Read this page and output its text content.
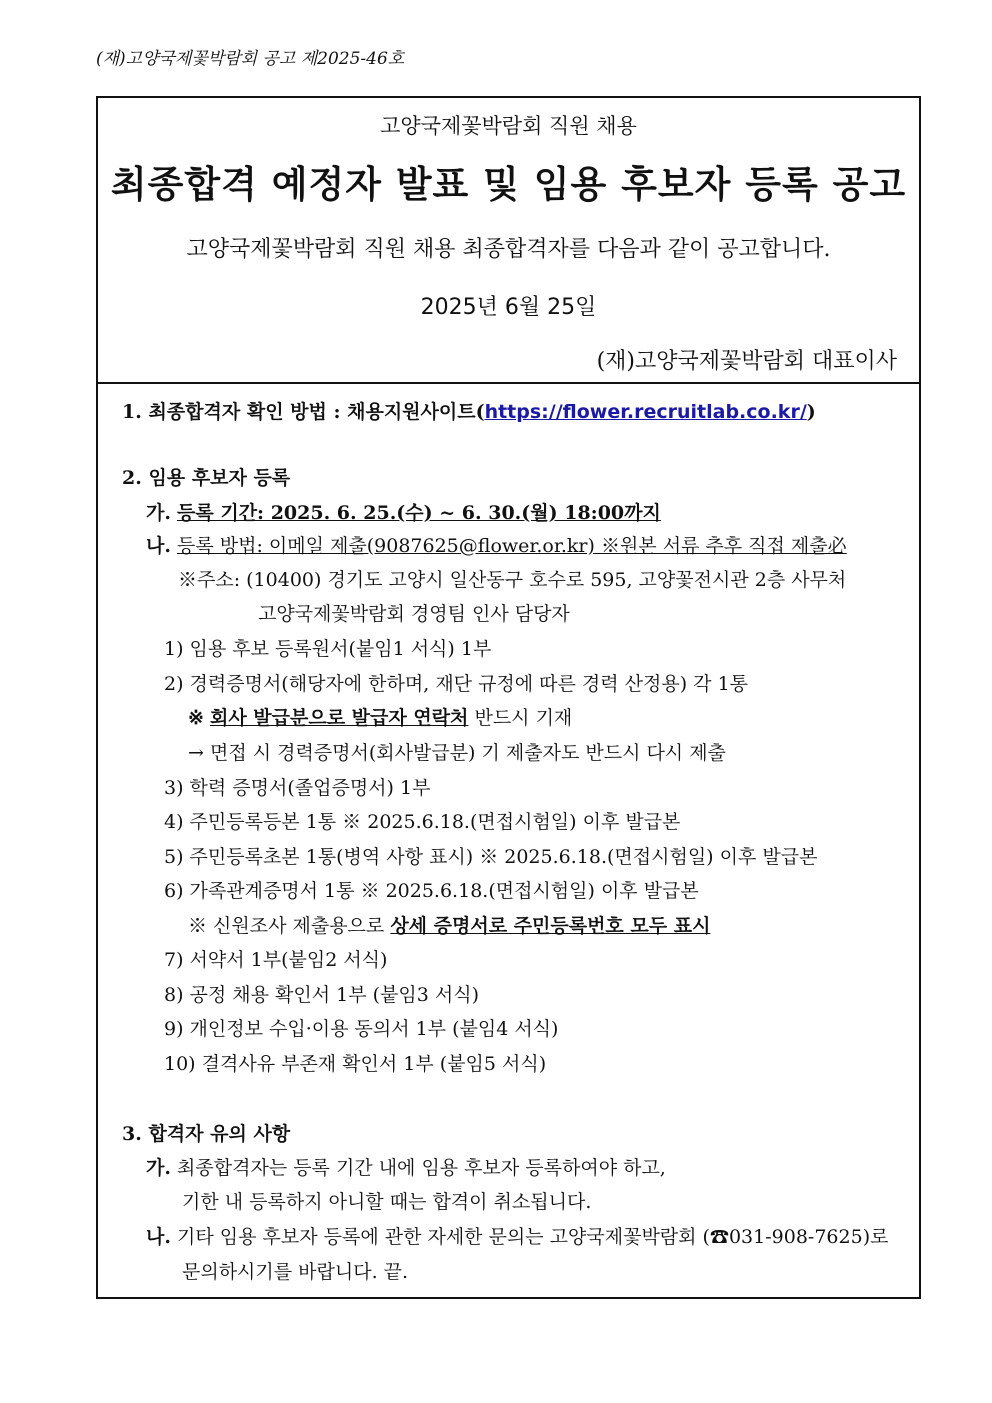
(재)고양국제꽃박람회 공고 제2025-46호
고양국제꽃박람회 직원 채용
최종합격 예정자 발표 및 임용 후보자 등록 공고
고양국제꽃박람회 직원 채용 최종합격자를 다음과 같이 공고합니다.
2025년 6월 25일
(재)고양국제꽃박람회 대표이사
1. 최종합격자 확인 방법 : 채용지원사이트(https://flower.recruitlab.co.kr/)
2. 임용 후보자 등록
가. 등록 기간: 2025. 6. 25.(수) ~ 6. 30.(월) 18:00까지
나. 등록 방법: 이메일 제출(9087625@flower.or.kr) ※원본 서류 추후 직접 제출必
※주소: (10400) 경기도 고양시 일산동구 호수로 595, 고양꽃전시관 2층 사무처
고양국제꽃박람회 경영팀 인사 담당자
1) 임용 후보 등록원서(붙임1 서식) 1부
2) 경력증명서(해당자에 한하며, 재단 규정에 따른 경력 산정용) 각 1통
※ 회사 발급분으로 발급자 연락처 반드시 기재
→ 면접 시 경력증명서(회사발급분) 기 제출자도 반드시 다시 제출
3) 학력 증명서(졸업증명서) 1부
4) 주민등록등본 1통 ※ 2025.6.18.(면접시험일) 이후 발급본
5) 주민등록초본 1통(병역 사항 표시) ※ 2025.6.18.(면접시험일) 이후 발급본
6) 가족관계증명서 1통 ※ 2025.6.18.(면접시험일) 이후 발급본
※ 신원조사 제출용으로 상세 증명서로 주민등록번호 모두 표시
7) 서약서 1부(붙임2 서식)
8) 공정 채용 확인서 1부 (붙임3 서식)
9) 개인정보 수입·이용 동의서 1부 (붙임4 서식)
10) 결격사유 부존재 확인서 1부 (붙임5 서식)
3. 합격자 유의 사항
가. 최종합격자는 등록 기간 내에 임용 후보자 등록하여야 하고,
기한 내 등록하지 아니할 때는 합격이 취소됩니다.
나. 기타 임용 후보자 등록에 관한 자세한 문의는 고양국제꽃박람회 (☎031-908-7625)로
문의하시기를 바랍니다. 끝.
